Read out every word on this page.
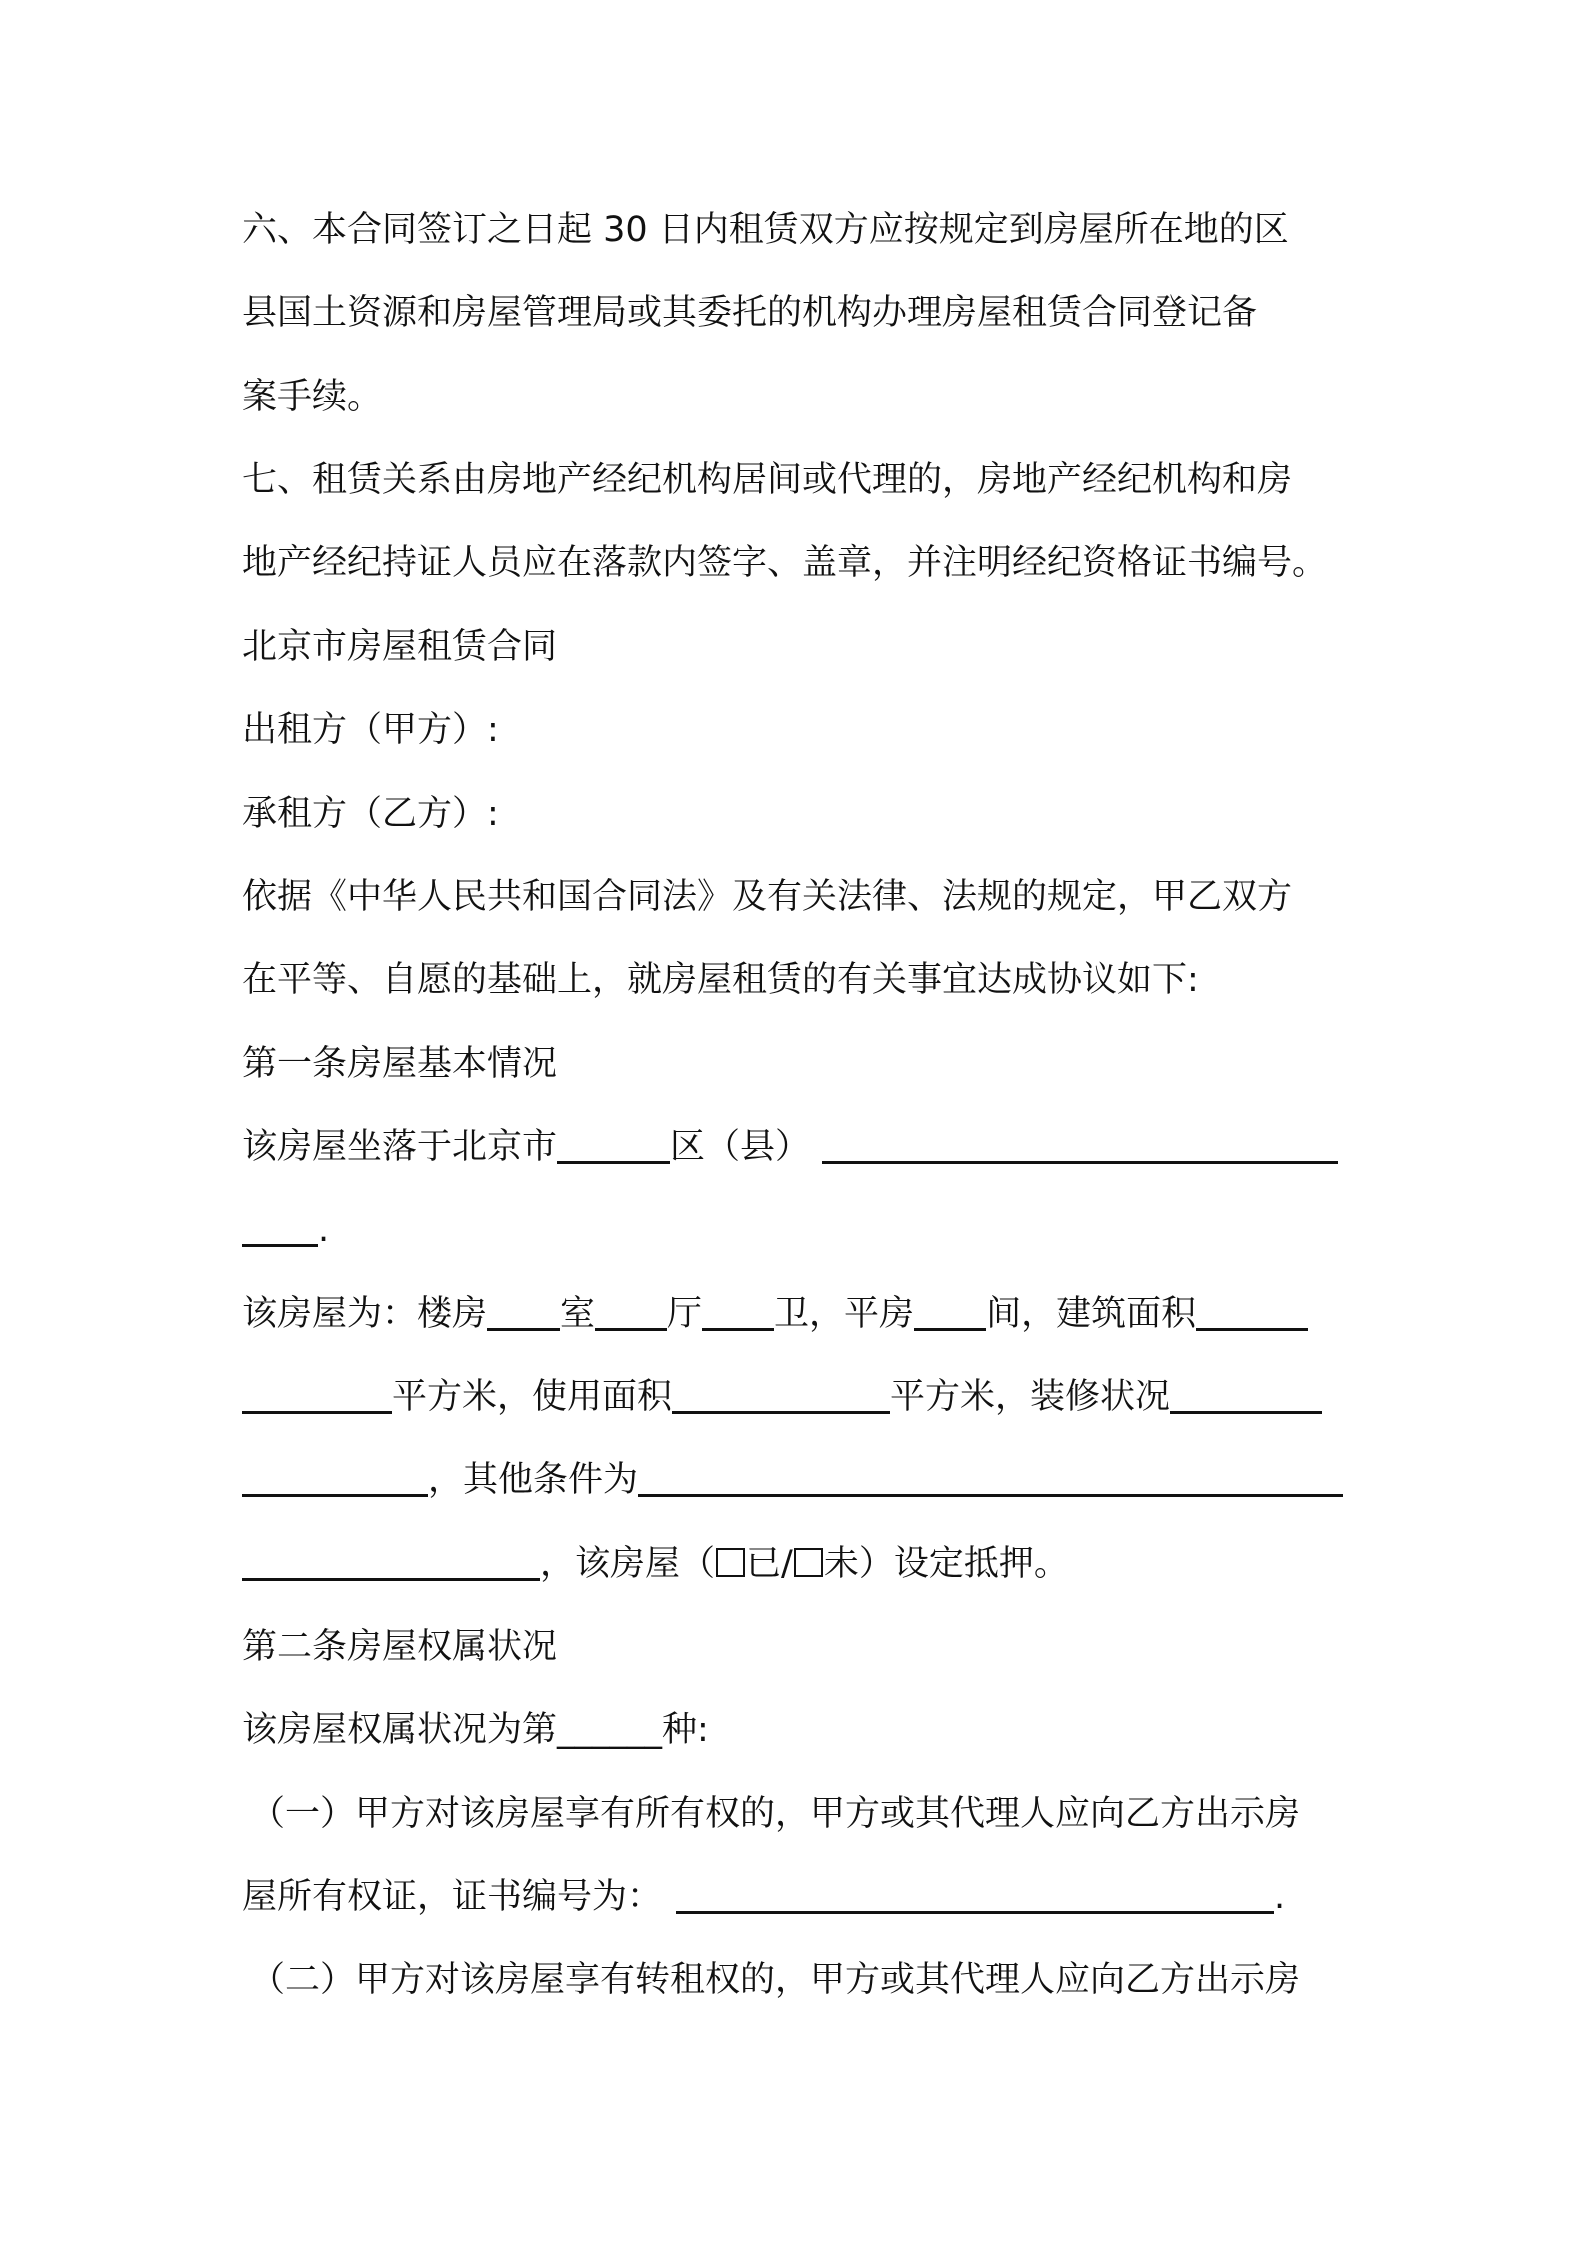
六、本合同签订之日起 30 日内租赁双方应按规定到房屋所在地的区

县国土资源和房屋管理局或其委托的机构办理房屋租赁合同登记备

案手续。

七、租赁关系由房地产经纪机构居间或代理的，房地产经纪机构和房

地产经纪持证人员应在落款内签字、盖章，并注明经纪资格证书编号。

北京市房屋租赁合同

出租方（甲方）:

承租方（乙方）:

依据《中华人民共和国合同法》及有关法律、法规的规定，甲乙双方

在平等、自愿的基础上，就房屋租赁的有关事宜达成协议如下:

第一条房屋基本情况

该房屋坐落于北京市	区（县）

.

该房屋为：楼房 室 厅 卫，平房 间，建筑面积

平方米，使用面积	平方米，装修状况

，其他条件为

，该房屋（ 已/ 未）设定抵押。

第二条房屋权属状况

该房屋权属状况为第______种:

（一）甲方对该房屋享有所有权的，甲方或其代理人应向乙方出示房

屋所有权证，证书编号为：	.

（二）甲方对该房屋享有转租权的，甲方或其代理人应向乙方出示房
